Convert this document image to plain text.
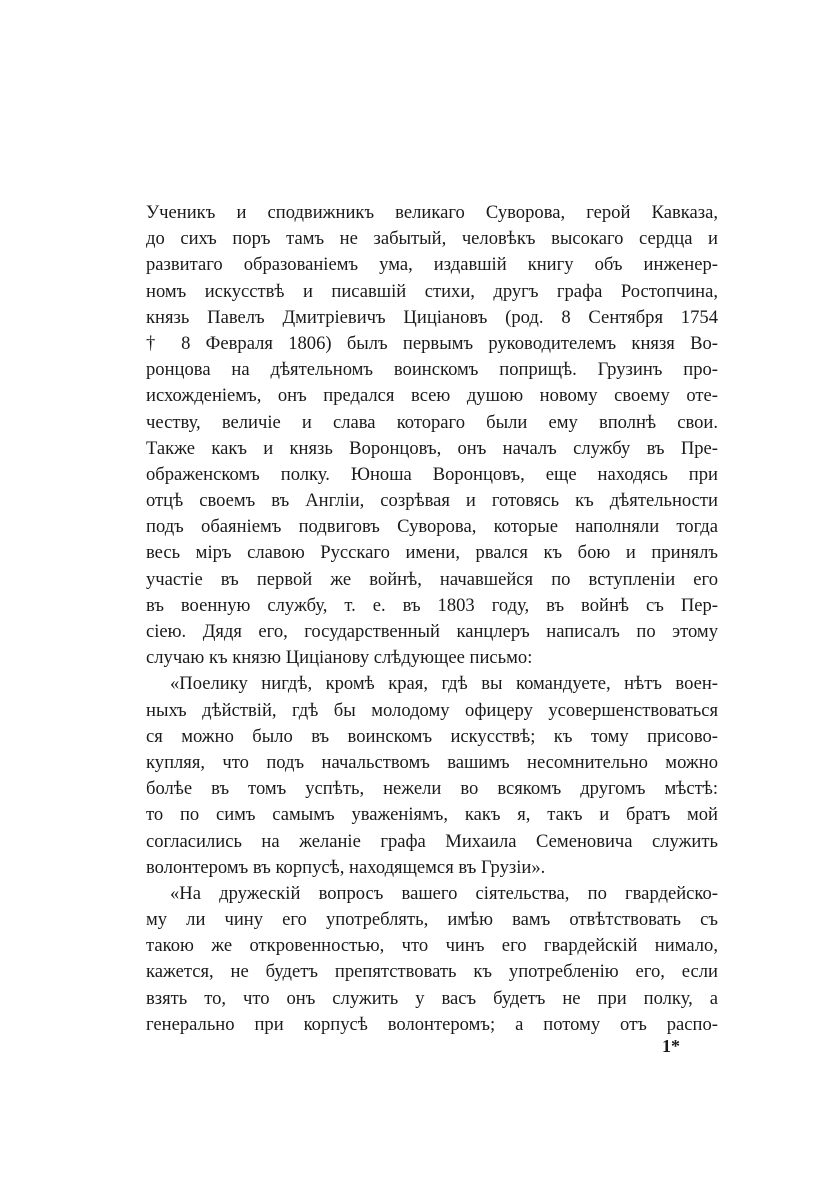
Ученикъ и сподвижникъ великаго Суворова, герой Кавказа,
до сихъ поръ тамъ не забытый, человѣкъ высокаго сердца и
развитаго образованіемъ ума, издавшій книгу объ инженер-
номъ искусствѣ и писавшій стихи, другъ графа Ростопчина,
князь Павелъ Дмитріевичъ Циціановъ (род. 8 Сентября 1754
† 8 Февраля 1806) былъ первымъ руководителемъ князя Во-
ронцова на дѣятельномъ воинскомъ поприщѣ. Грузинъ про-
исхожденіемъ, онъ предался всею душою новому своему оте-
честву, величіе и слава котораго были ему вполнѣ свои.
Также какъ и князь Воронцовъ, онъ началъ службу въ Пре-
ображенскомъ полку. Юноша Воронцовъ, еще находясь при
отцѣ своемъ въ Англіи, созрѣвая и готовясь къ дѣятельности
подъ обаяніемъ подвиговъ Суворова, которые наполняли тогда
весь міръ славою Русскаго имени, рвался къ бою и принялъ
участіе въ первой же войнѣ, начавшейся по вступленіи его
въ военную службу, т. е. въ 1803 году, въ войнѣ съ Пер-
сіею. Дядя его, государственный канцлеръ написалъ по этому
случаю къ князю Циціанову слѣдующее письмо:
«Поелику нигдѣ, кромѣ края, гдѣ вы командуете, нѣтъ воен-
ныхъ дѣйствій, гдѣ бы молодому офицеру усовершенствоваться
ся можно было въ воинскомъ искусствѣ; къ тому присово-
купляя, что подъ начальствомъ вашимъ несомнительно можно
болѣе въ томъ успѣть, нежели во всякомъ другомъ мѣстѣ:
то по симъ самымъ уваженіямъ, какъ я, такъ и братъ мой
согласились на желаніе графа Михаила Семеновича служить
волонтеромъ въ корпусѣ, находящемся въ Грузіи».
«На дружескій вопросъ вашего сіятельства, по гвардейско-
му ли чину его употреблять, имѣю вамъ отвѣтствовать съ
такою же откровенностью, что чинъ его гвардейскій нимало,
кажется, не будетъ препятствовать къ употребленію его, если
взять то, что онъ служить у васъ будетъ не при полку, а
генерально при корпусѣ волонтеромъ; а потому отъ распо-
1*
